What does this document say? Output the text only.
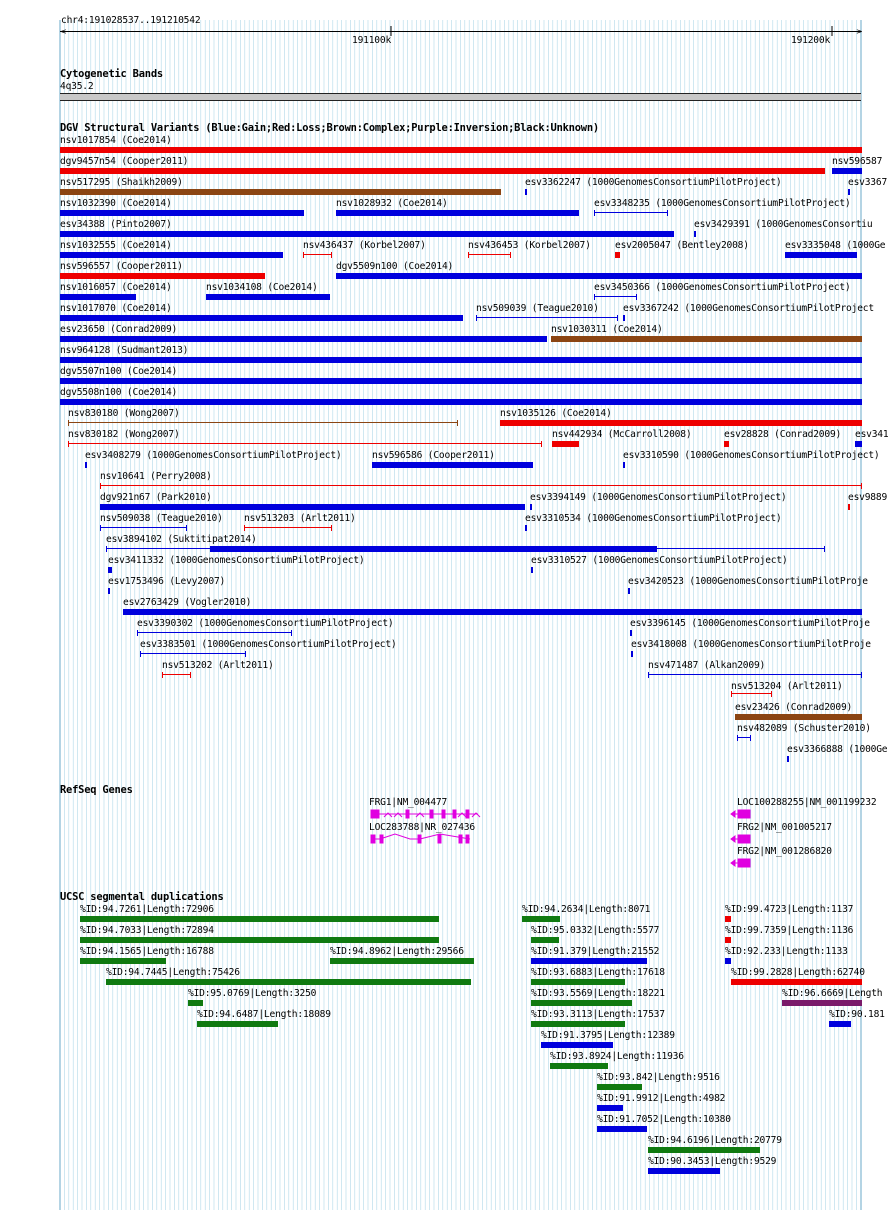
chr4:191028537..191210542
<	>
191100k	191200k
Cytogenetic Bands
4q35.2
DGV Structural Variants (Blue:Gain;Red:Loss;Brown:Complex;Purple:Inversion;Black:Unknown)
RefSeq Genes
UCSC segmental duplications
nsv1017854 (Coe2014)
dgv9457n54 (Cooper2011)	nsv596587
nsv517295 (Shaikh2009)	esv3362247 (1000GenomesConsortiumPilotProject)	esv3367
nsv1032390 (Coe2014)	nsv1028932 (Coe2014)	esv3348235 (1000GenomesConsortiumPilotProject)
esv34388 (Pinto2007)	esv3429391 (1000GenomesConsortiu
nsv1032555 (Coe2014)	nsv436437 (Korbel2007)	nsv436453 (Korbel2007)	esv2005047 (Bentley2008)	esv3335048 (1000Ge
nsv596557 (Cooper2011)	dgv5509n100 (Coe2014)
nsv1016057 (Coe2014)	nsv1034108 (Coe2014)	esv3450366 (1000GenomesConsortiumPilotProject)
nsv1017070 (Coe2014)	nsv509039 (Teague2010)	esv3367242 (1000GenomesConsortiumPilotProject
esv23650 (Conrad2009)	nsv1030311 (Coe2014)
nsv964128 (Sudmant2013)
dgv5507n100 (Coe2014)
dgv5508n100 (Coe2014)
nsv830180 (Wong2007)	nsv1035126 (Coe2014)
nsv830182 (Wong2007)	nsv442934 (McCarroll2008)	esv28828 (Conrad2009) esv341
esv3408279 (1000GenomesConsortiumPilotProject)	nsv596586 (Cooper2011)	esv3310590 (1000GenomesConsortiumPilotProject)
nsv10641 (Perry2008)
dgv921n67 (Park2010)	esv3394149 (1000GenomesConsortiumPilotProject)	esv9889
nsv509038 (Teague2010) nsv513203 (Arlt2011)	esv3310534 (1000GenomesConsortiumPilotProject)
esv3894102 (Suktitipat2014)
esv3411332 (1000GenomesConsortiumPilotProject)	esv3310527 (1000GenomesConsortiumPilotProject)
esv1753496 (Levy2007)	esv3420523 (1000GenomesConsortiumPilotProje
esv2763429 (Vogler2010)
esv3390302 (1000GenomesConsortiumPilotProject)	esv3396145 (1000GenomesConsortiumPilotProje
esv3383501 (1000GenomesConsortiumPilotProject)	esv3418008 (1000GenomesConsortiumPilotProje
nsv513202 (Arlt2011)	nsv471487 (Alkan2009)
nsv513204 (Arlt2011)
esv23426 (Conrad2009)
nsv482089 (Schuster2010)
esv3366888 (1000Ge
FRG1|NM_004477
LOC283788|NR_027436
LOC100288255|NM_001199232
FRG2|NM_001005217
FRG2|NM_001286820
%ID:94.7261|Length:72906
%ID:94.7033|Length:72894
%ID:94.1565|Length:16788	%ID:94.8962|Length:29566
%ID:94.7445|Length:75426
%ID:95.0769|Length:3250
%ID:94.6487|Length:18089
%ID:94.2634|Length:8071
%ID:95.0332|Length:5577
%ID:91.379|Length:21552
%ID:93.6883|Length:17618
%ID:93.5569|Length:18221
%ID:93.3113|Length:17537
%ID:91.3795|Length:12389
%ID:93.8924|Length:11936
%ID:93.842|Length:9516
%ID:91.9912|Length:4982
%ID:91.7052|Length:10380
%ID:94.6196|Length:20779
%ID:90.3453|Length:9529
%ID:99.4723|Length:1137
%ID:99.7359|Length:1136
%ID:92.233|Length:1133
%ID:99.2828|Length:62740
%ID:96.6669|Length
%ID:90.181
